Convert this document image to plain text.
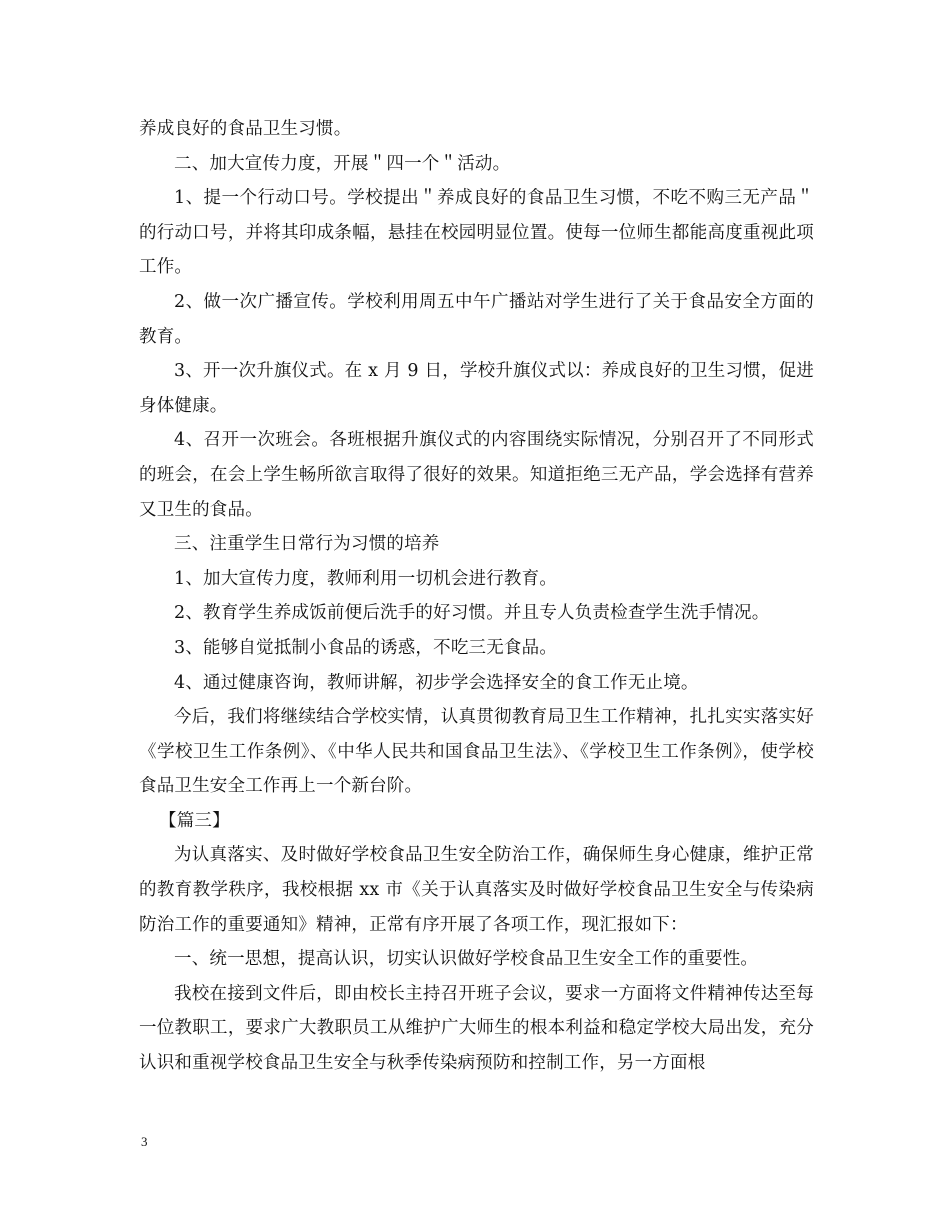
养成良好的食品卫生习惯。

二、加大宣传力度，开展＂四一个＂活动。

1、提一个行动口号。学校提出＂养成良好的食品卫生习惯，不吃不购三无产品＂的行动口号，并将其印成条幅，悬挂在校园明显位置。使每一位师生都能高度重视此项工作。

2、做一次广播宣传。学校利用周五中午广播站对学生进行了关于食品安全方面的教育。

3、开一次升旗仪式。在 x 月 9 日，学校升旗仪式以：养成良好的卫生习惯，促进身体健康。

4、召开一次班会。各班根据升旗仪式的内容围绕实际情况，分别召开了不同形式的班会，在会上学生畅所欲言取得了很好的效果。知道拒绝三无产品，学会选择有营养又卫生的食品。

三、注重学生日常行为习惯的培养

1、加大宣传力度，教师利用一切机会进行教育。

2、教育学生养成饭前便后洗手的好习惯。并且专人负责检查学生洗手情况。

3、能够自觉抵制小食品的诱惑，不吃三无食品。

4、通过健康咨询，教师讲解，初步学会选择安全的食工作无止境。

今后，我们将继续结合学校实情，认真贯彻教育局卫生工作精神，扎扎实实落实好《学校卫生工作条例》、《中华人民共和国食品卫生法》、《学校卫生工作条例》，使学校食品卫生安全工作再上一个新台阶。

【篇三】

为认真落实、及时做好学校食品卫生安全防治工作，确保师生身心健康，维护正常的教育教学秩序，我校根据 xx 市《关于认真落实及时做好学校食品卫生安全与传染病防治工作的重要通知》精神，正常有序开展了各项工作，现汇报如下：

一、统一思想，提高认识，切实认识做好学校食品卫生安全工作的重要性。

我校在接到文件后，即由校长主持召开班子会议，要求一方面将文件精神传达至每一位教职工，要求广大教职员工从维护广大师生的根本利益和稳定学校大局出发，充分认识和重视学校食品卫生安全与秋季传染病预防和控制工作，另一方面根

3
